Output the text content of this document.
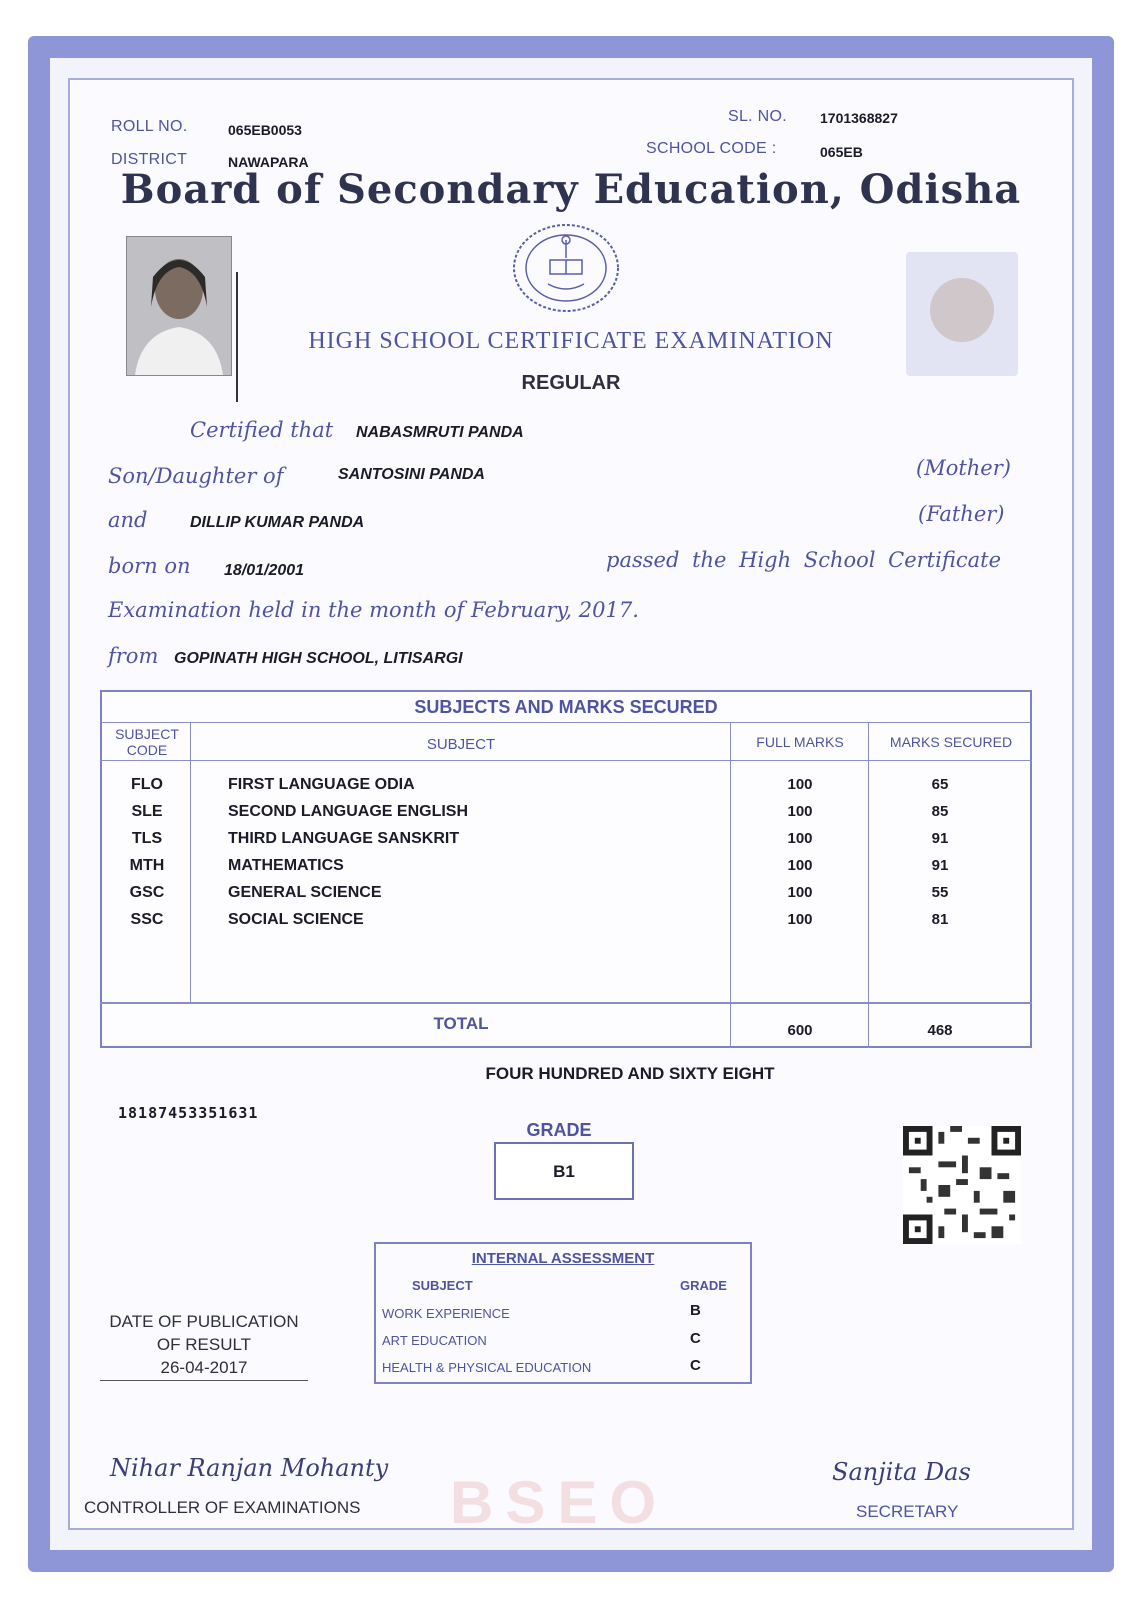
ROLL NO.	065EB0053
DISTRICT	NAWAPARA
SL. NO. 1701368827
SCHOOL CODE :	065EB
Board of Secondary Education, Odisha
HIGH SCHOOL CERTIFICATE EXAMINATION
REGULAR
Certified that NABASMRUTI PANDA
Son/Daughter of	SANTOSINI PANDA	(Mother)
and	DILLIP KUMAR PANDA	(Father)
born on 18/01/2001	passed the High School Certificate
Examination held in the month of February, 2017.
from GOPINATH HIGH SCHOOL, LITISARGI
SUBJECTS AND MARKS SECURED
SUBJECT CODE	SUBJECT	FULL MARKS	MARKS SECURED
FLO	FIRST LANGUAGE ODIA	100	65
SLE	SECOND LANGUAGE ENGLISH	100	85
TLS	THIRD LANGUAGE SANSKRIT	100	91
MTH	MATHEMATICS	100	91
GSC	GENERAL SCIENCE	100	55
SSC	SOCIAL SCIENCE	100	81
TOTAL	600	468
FOUR HUNDRED AND SIXTY EIGHT
18187453351631
GRADE
B1
INTERNAL ASSESSMENT
SUBJECT	GRADE
WORK EXPERIENCE	B
ART EDUCATION	C
HEALTH & PHYSICAL EDUCATION	C
DATE OF PUBLICATION
OF RESULT
26-04-2017
BSEO
Nihar Ranjan Mohanty
CONTROLLER OF EXAMINATIONS
Sanjita Das
SECRETARY
